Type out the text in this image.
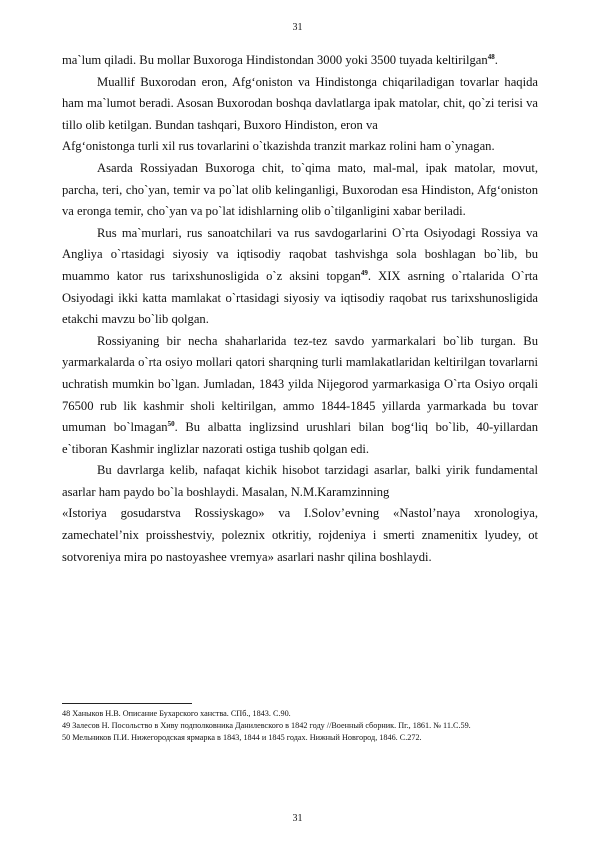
31

ma`lum qiladi. Bu mollar Buxoroga Hindistondan 3000 yoki 3500 tuyada keltirilgan$^{48}$.

Muallif Buxorodan eron, Afg‘oniston va Hindistonga chiqariladigan tovarlar haqida ham ma`lumot beradi. Asosan Buxorodan boshqa davlatlarga ipak matolar, chit, qo`zi terisi va tillo olib ketilgan. Bundan tashqari, Buxoro Hindiston, eron va

Afg‘onistonga turli xil rus tovarlarini o`tkazishda tranzit markaz rolini ham o`ynagan.

Asarda Rossiyadan Buxoroga chit, to`qima mato, mal-mal, ipak matolar, movut, parcha, teri, cho`yan, temir va po`lat olib kelinganligi, Buxorodan esa Hindiston, Afg‘oniston va eronga temir, cho`yan va po`lat idishlarning olib o`tilganligini xabar beriladi.

Rus ma`murlari, rus sanoatchilari va rus savdogarlarini O`rta Osiyodagi Rossiya va Angliya o`rtasidagi siyosiy va iqtisodiy raqobat tashvishga sola boshlagan bo`lib, bu muammo kator rus tarixshunosligida o`z aksini topgan$^{49}$. XIX asrning o`rtalarida O`rta Osiyodagi ikki katta mamlakat o`rtasidagi siyosiy va iqtisodiy raqobat rus tarixshunosligida etakchi mavzu bo`lib qolgan.

Rossiyaning bir necha shaharlarida tez-tez savdo yarmarkalari bo`lib turgan. Bu yarmarkalarda o`rta osiyo mollari qatori sharqning turli mamlakatlaridan keltirilgan tovarlarni uchratish mumkin bo`lgan. Jumladan, 1843 yilda Nijegorod yarmarkasiga O`rta Osiyo orqali 76500 rub lik kashmir sholi keltirilgan, ammo 1844-1845 yillarda yarmarkada bu tovar umuman bo`lmagan$^{50}$. Bu albatta inglizsind urushlari bilan bog‘liq bo`lib, 40-yillardan e`tiboran Kashmir inglizlar nazorati ostiga tushib qolgan edi.

Bu davrlarga kelib, nafaqat kichik hisobot tarzidagi asarlar, balki yirik fundamental asarlar ham paydo bo`la boshlaydi. Masalan, N.M.Karamzinning

«Istoriya gosudarstva Rossiyskago» va I.Solov’evning «Nastol’naya xronologiya, zamechatel’nix proisshestviy, poleznix otkritiy, rojdeniya i smerti znamenitix lyudey, ot sotvoreniya mira po nastoyashee vremya» asarlari nashr qilina boshlaydi.

48 Ханыков Н.В. Описание Бухарского ханства. СПб., 1843. С.90.
49 Залесов Н. Посольство в Хиву подполковника Данилевского в 1842 году //Военный сборник. Пг., 1861. № 11.С.59.
50 Мельников П.И. Нижегородская ярмарка в 1843, 1844 и 1845 годах. Нижный Новгород, 1846. С.272.
31
